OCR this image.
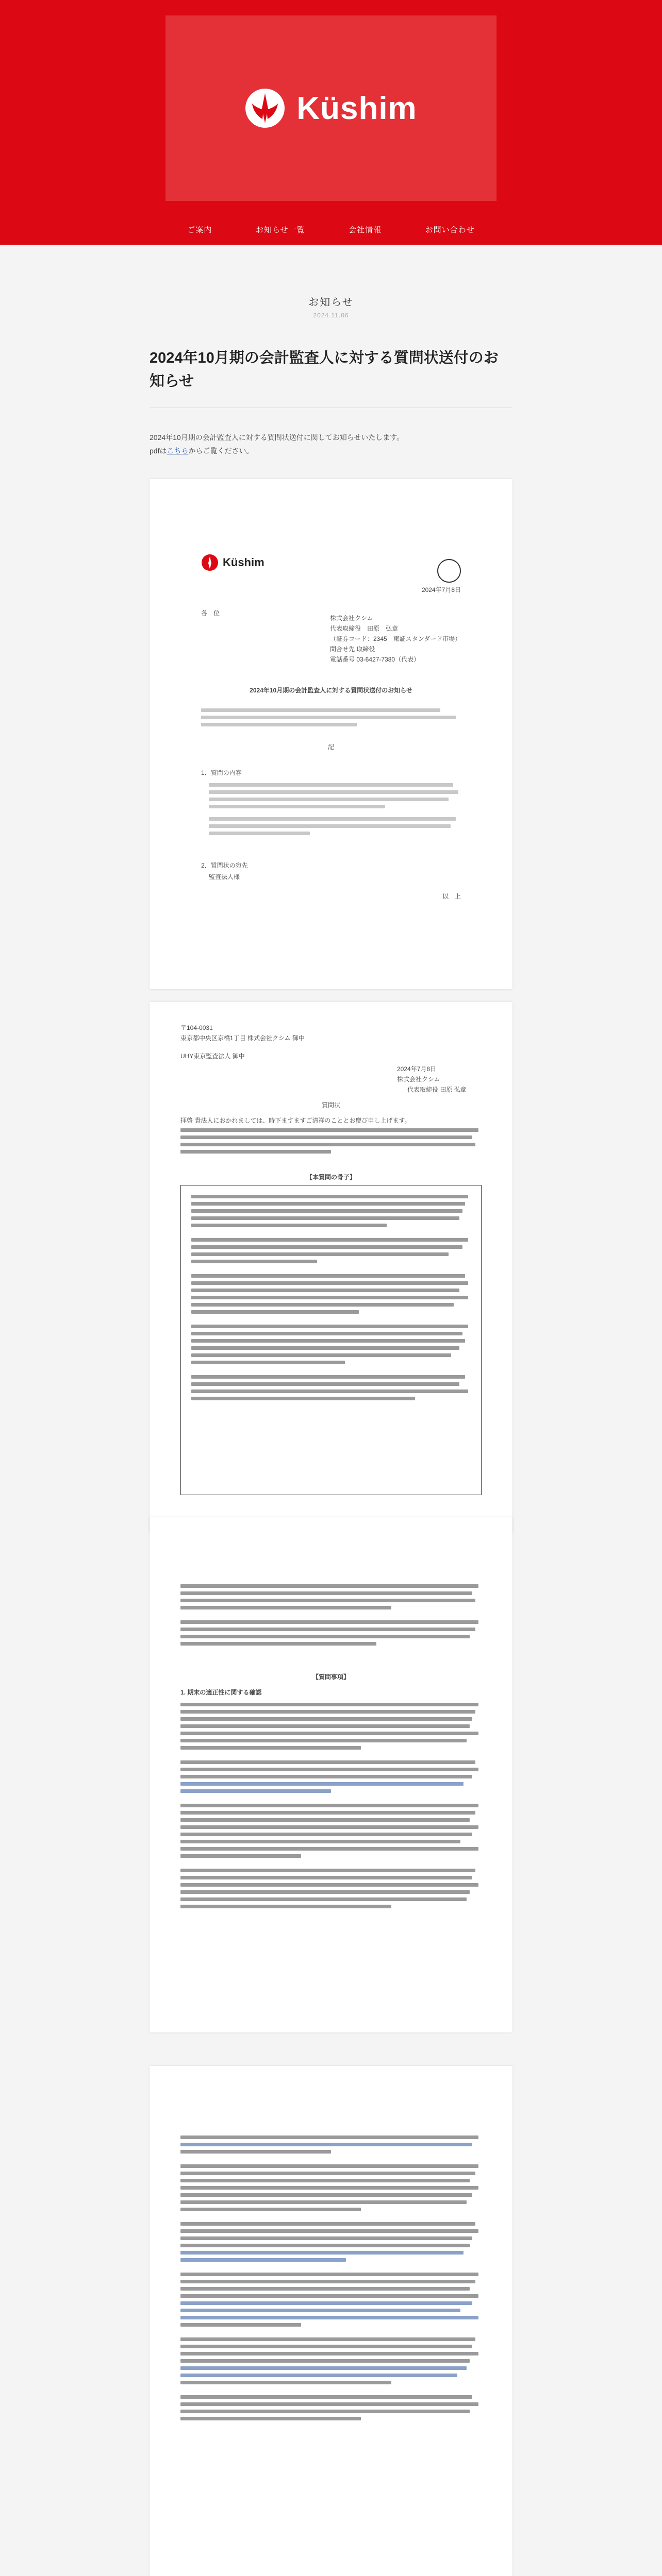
Küshim
ご案内	お知らせ一覧	会社情報	お問い合わせ
お知らせ
2024.11.06
2024年10月期の会計監査人に対する質問状送付のお知らせ
2024年10月期の会計監査人に対する質問状送付に関してお知らせいたします。
pdfはこちらからご覧ください。
Küshim
2024年7月8日
各　位
株式会社クシム
代表取締役　田原　弘章
（証券コード：2345　東証スタンダード市場）
問合せ先 取締役
電話番号 03-6427-7380（代表）
2024年10月期の会計監査人に対する質問状送付のお知らせ
記
1．質問の内容
2．質問状の宛先
監査法人様
以　上
〒104-0031
東京都中央区京橋1丁目 株式会社クシム 御中
UHY東京監査法人 御中
2024年7月8日
株式会社クシム
代表取締役 田原 弘章
質問状
拝啓 貴法人におかれましては、時下ますますご清祥のこととお慶び申し上げます。
【本質問の骨子】
【質問事項】
1. 期末の適正性に関する確認
